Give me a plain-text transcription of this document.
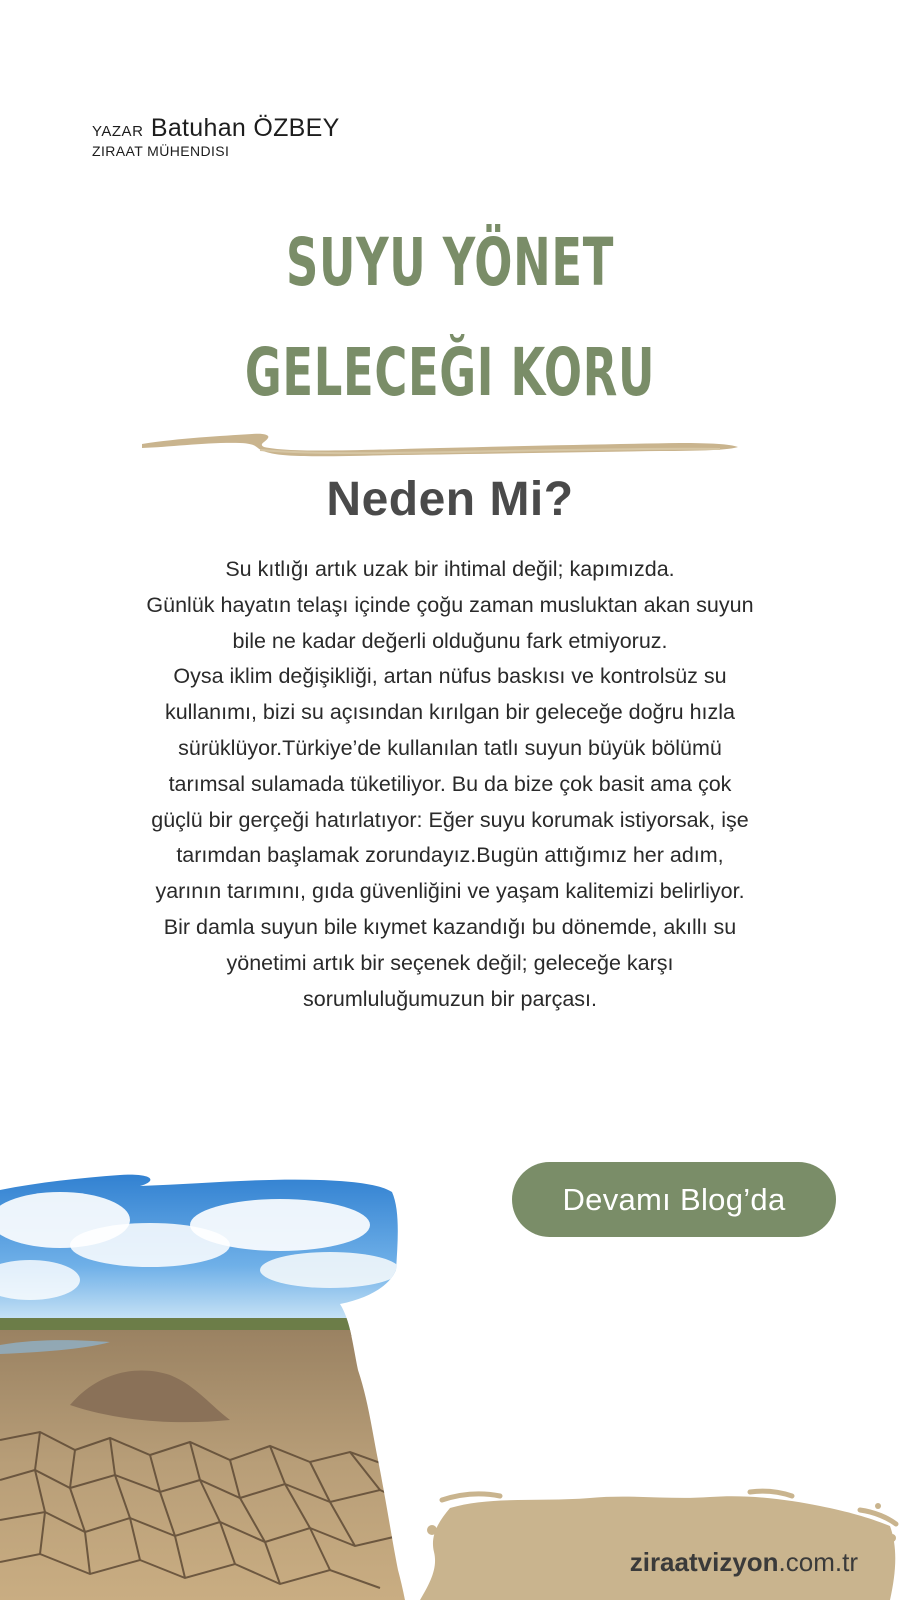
YAZAR Batuhan ÖZBEY
ZIRAAT MÜHENDISI
SUYU YÖNET
GELECEĞI KORU
Neden Mi?

Su kıtlığı artık uzak bir ihtimal değil; kapımızda.

Günlük hayatın telaşı içinde çoğu zaman musluktan akan suyun

bile ne kadar değerli olduğunu fark etmiyoruz.

Oysa iklim değişikliği, artan nüfus baskısı ve kontrolsüz su

kullanımı, bizi su açısından kırılgan bir geleceğe doğru hızla

sürüklüyor.Türkiye’de kullanılan tatlı suyun büyük bölümü

tarımsal sulamada tüketiliyor. Bu da bize çok basit ama çok

güçlü bir gerçeği hatırlatıyor: Eğer suyu korumak istiyorsak, işe

tarımdan başlamak zorundayız.Bugün attığımız her adım,

yarının tarımını, gıda güvenliğini ve yaşam kalitemizi belirliyor.

Bir damla suyun bile kıymet kazandığı bu dönemde, akıllı su

yönetimi artık bir seçenek değil; geleceğe karşı

sorumluluğumuzun bir parçası.

Devamı Blog’da
ziraatvizyon.com.tr
